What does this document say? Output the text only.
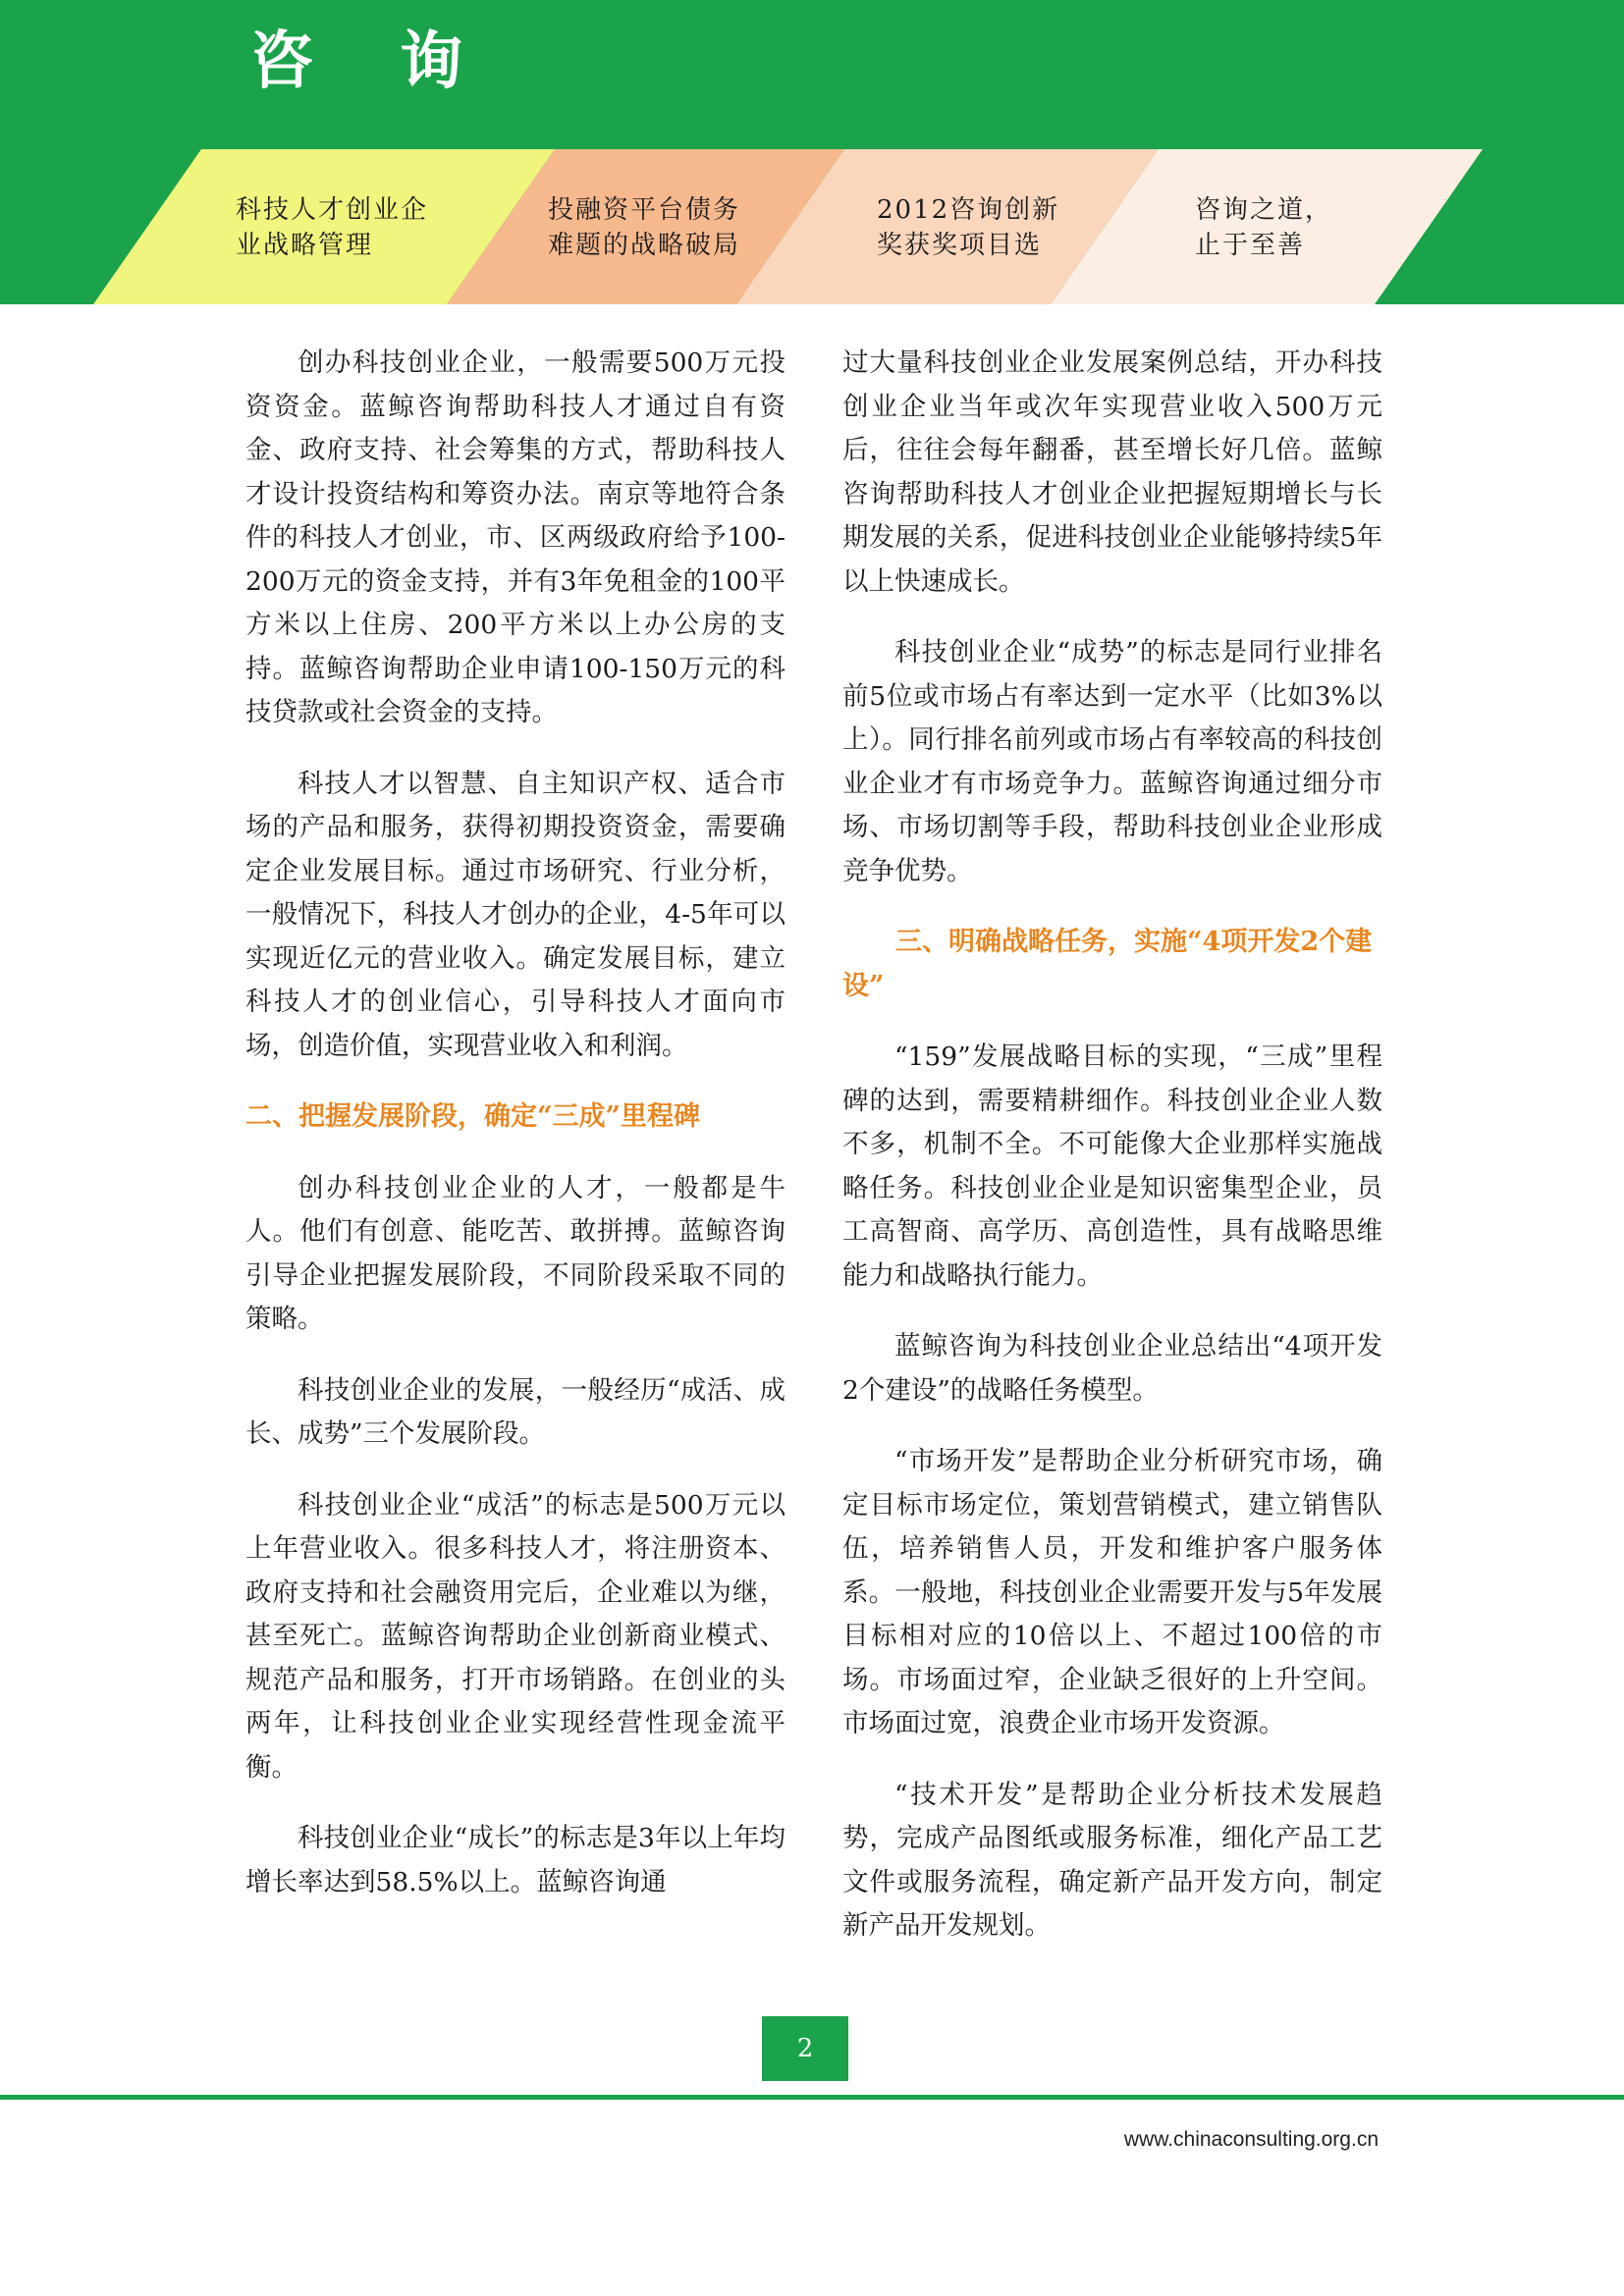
咨询
科技人才创业企
业战略管理
投融资平台债务
难题的战略破局
2012咨询创新
奖获奖项目选
咨询之道，
止于至善

创办科技创业企业，一般需要500万元投资资金。蓝鲸咨询帮助科技人才通过自有资金、政府支持、社会筹集的方式，帮助科技人才设计投资结构和筹资办法。南京等地符合条件的科技人才创业，市、区两级政府给予100-200万元的资金支持，并有3年免租金的100平方米以上住房、200平方米以上办公房的支持。蓝鲸咨询帮助企业申请100-150万元的科技贷款或社会资金的支持。

科技人才以智慧、自主知识产权、适合市场的产品和服务，获得初期投资资金，需要确定企业发展目标。通过市场研究、行业分析，一般情况下，科技人才创办的企业，4-5年可以实现近亿元的营业收入。确定发展目标，建立科技人才的创业信心，引导科技人才面向市场，创造价值，实现营业收入和利润。

二、把握发展阶段，确定“三成”里程碑

创办科技创业企业的人才，一般都是牛人。他们有创意、能吃苦、敢拼搏。蓝鲸咨询引导企业把握发展阶段，不同阶段采取不同的策略。

科技创业企业的发展，一般经历“成活、成长、成势”三个发展阶段。

科技创业企业“成活”的标志是500万元以上年营业收入。很多科技人才，将注册资本、政府支持和社会融资用完后，企业难以为继，甚至死亡。蓝鲸咨询帮助企业创新商业模式、规范产品和服务，打开市场销路。在创业的头两年，让科技创业企业实现经营性现金流平衡。

科技创业企业“成长”的标志是3年以上年均增长率达到58.5%以上。蓝鲸咨询通

过大量科技创业企业发展案例总结，开办科技创业企业当年或次年实现营业收入500万元后，往往会每年翻番，甚至增长好几倍。蓝鲸咨询帮助科技人才创业企业把握短期增长与长期发展的关系，促进科技创业企业能够持续5年以上快速成长。

科技创业企业“成势”的标志是同行业排名前5位或市场占有率达到一定水平（比如3%以上）。同行排名前列或市场占有率较高的科技创业企业才有市场竞争力。蓝鲸咨询通过细分市场、市场切割等手段，帮助科技创业企业形成竞争优势。

三、明确战略任务，实施“4项开发2个建设”

“159”发展战略目标的实现，“三成”里程碑的达到，需要精耕细作。科技创业企业人数不多，机制不全。不可能像大企业那样实施战略任务。科技创业企业是知识密集型企业，员工高智商、高学历、高创造性，具有战略思维能力和战略执行能力。

蓝鲸咨询为科技创业企业总结出“4项开发2个建设”的战略任务模型。

“市场开发”是帮助企业分析研究市场，确定目标市场定位，策划营销模式，建立销售队伍，培养销售人员，开发和维护客户服务体系。一般地，科技创业企业需要开发与5年发展目标相对应的10倍以上、不超过100倍的市场。市场面过窄，企业缺乏很好的上升空间。市场面过宽，浪费企业市场开发资源。

“技术开发”是帮助企业分析技术发展趋势，完成产品图纸或服务标准，细化产品工艺文件或服务流程，确定新产品开发方向，制定新产品开发规划。

2
www.chinaconsulting.org.cn
